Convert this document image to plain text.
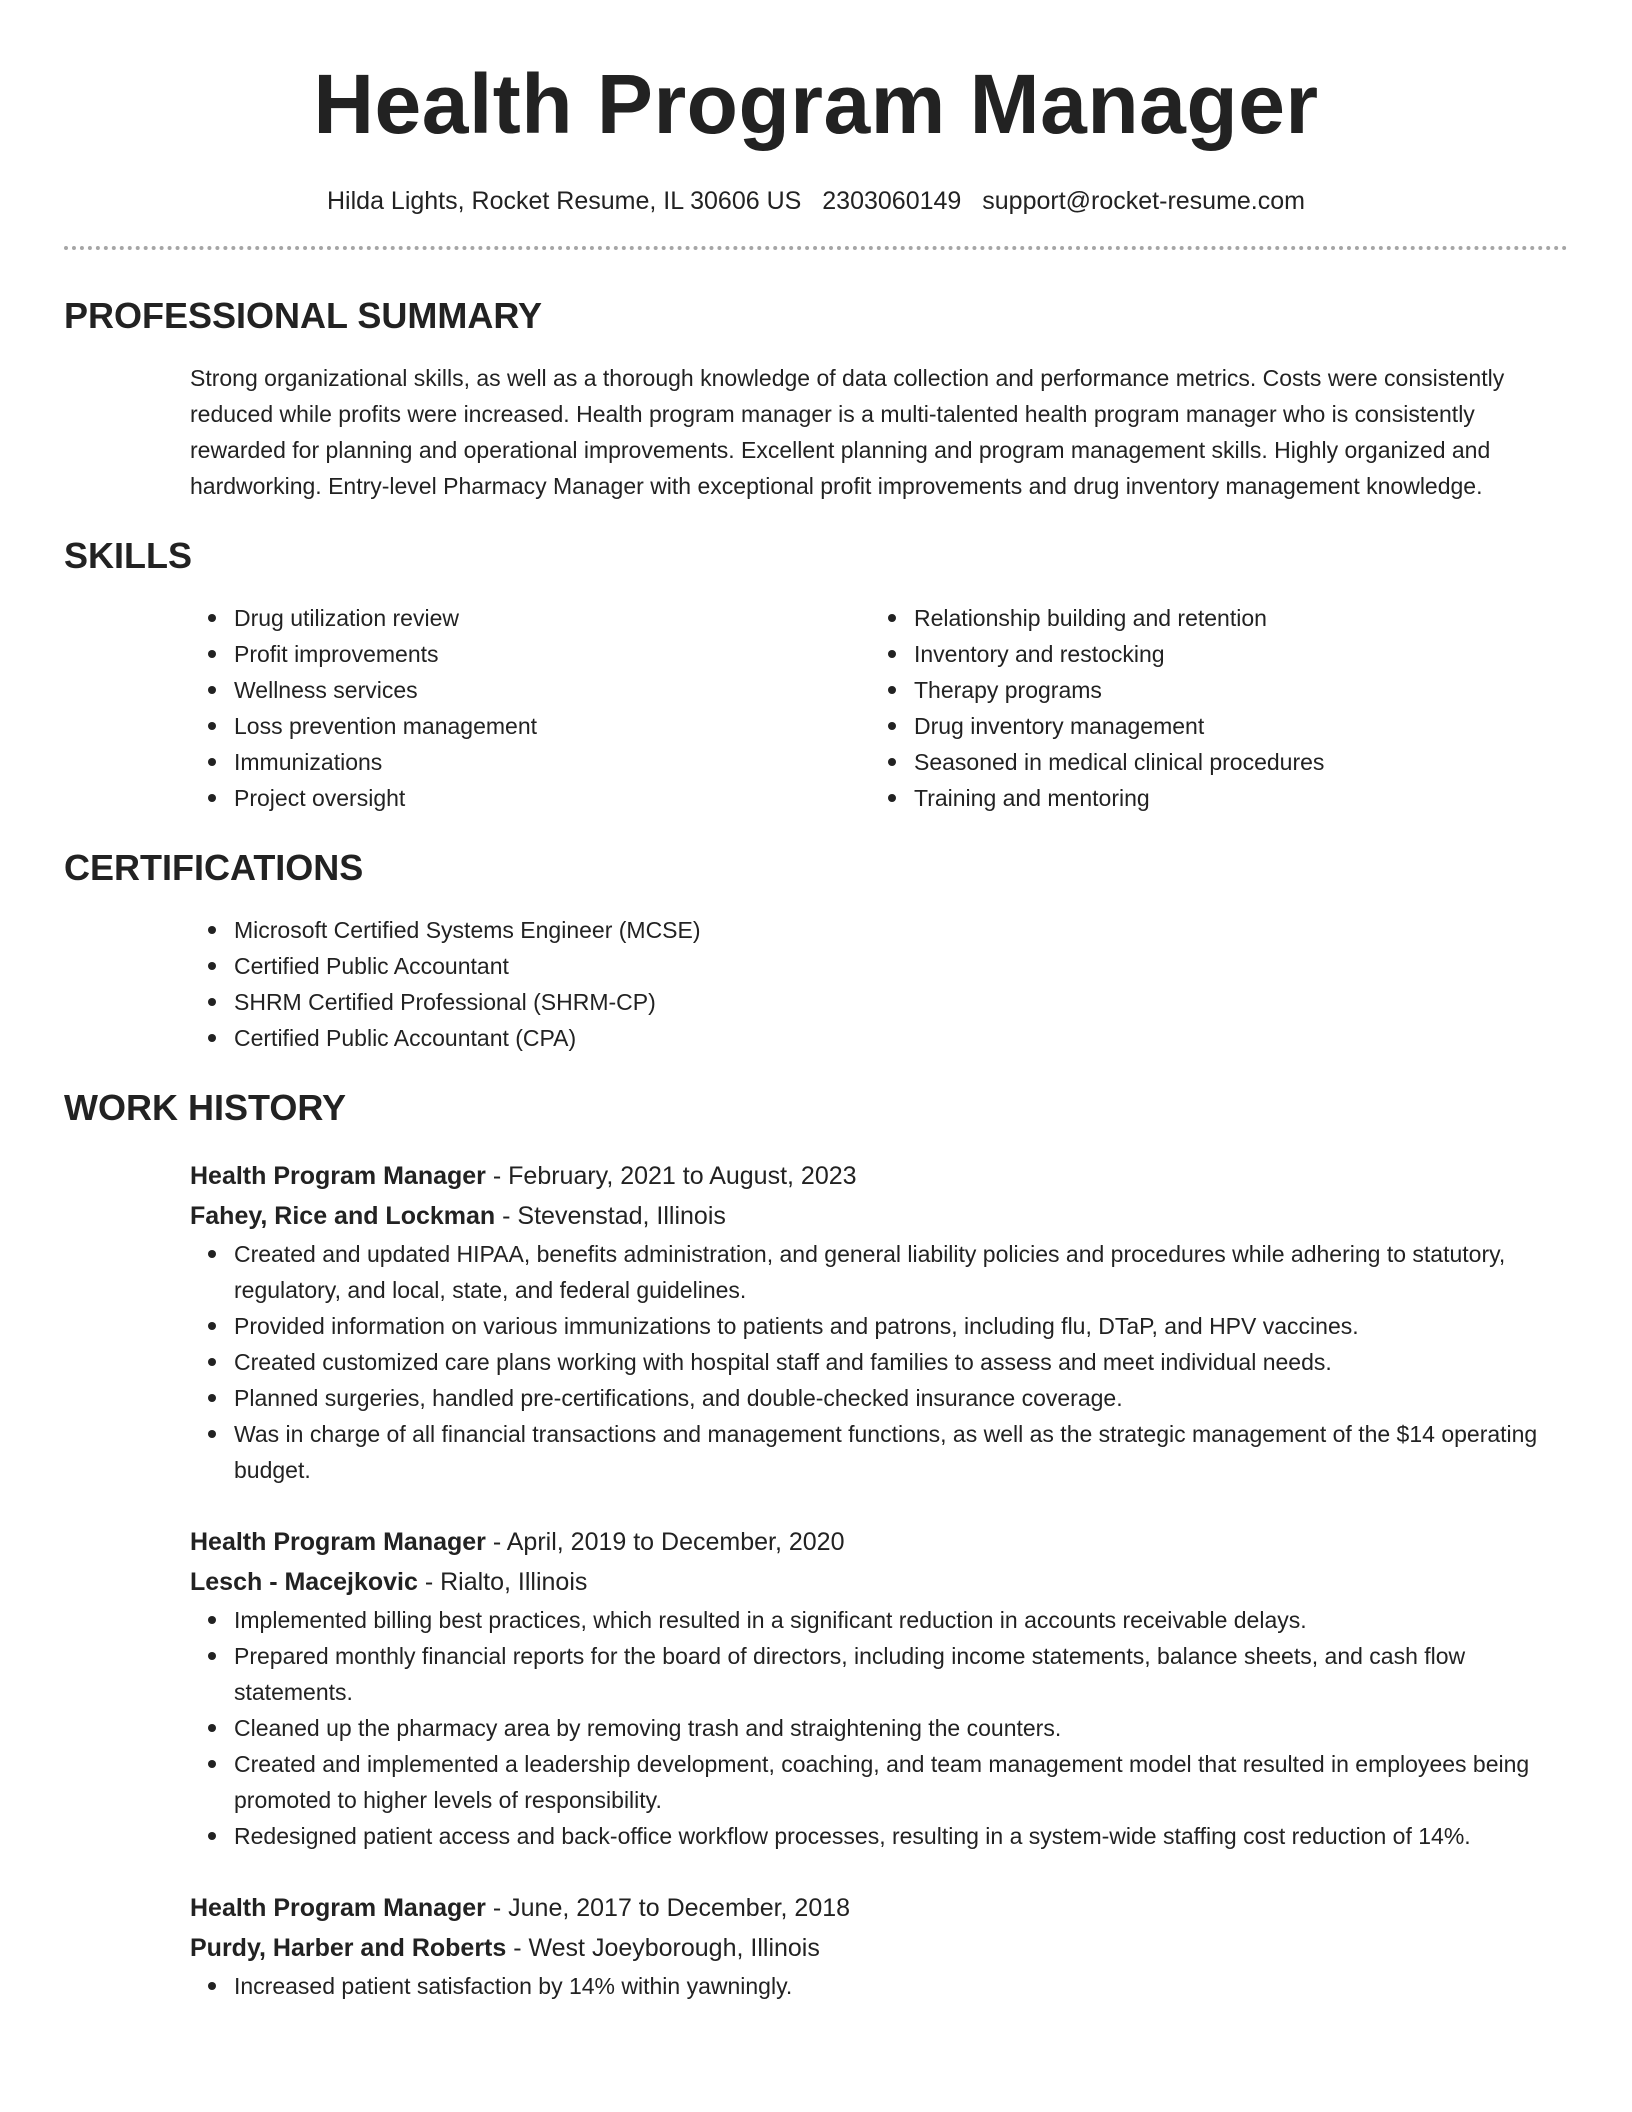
Health Program Manager
Hilda Lights, Rocket Resume, IL 30606 US 2303060149 support@rocket-resume.com
PROFESSIONAL SUMMARY
Strong organizational skills, as well as a thorough knowledge of data collection and performance metrics. Costs were consistently reduced while profits were increased. Health program manager is a multi-talented health program manager who is consistently rewarded for planning and operational improvements. Excellent planning and program management skills. Highly organized and hardworking. Entry-level Pharmacy Manager with exceptional profit improvements and drug inventory management knowledge.
SKILLS
Drug utilization review
Profit improvements
Wellness services
Loss prevention management
Immunizations
Project oversight
Relationship building and retention
Inventory and restocking
Therapy programs
Drug inventory management
Seasoned in medical clinical procedures
Training and mentoring
CERTIFICATIONS
Microsoft Certified Systems Engineer (MCSE)
Certified Public Accountant
SHRM Certified Professional (SHRM-CP)
Certified Public Accountant (CPA)
WORK HISTORY
Health Program Manager - February, 2021 to August, 2023
Fahey, Rice and Lockman - Stevenstad, Illinois
Created and updated HIPAA, benefits administration, and general liability policies and procedures while adhering to statutory, regulatory, and local, state, and federal guidelines.
Provided information on various immunizations to patients and patrons, including flu, DTaP, and HPV vaccines.
Created customized care plans working with hospital staff and families to assess and meet individual needs.
Planned surgeries, handled pre-certifications, and double-checked insurance coverage.
Was in charge of all financial transactions and management functions, as well as the strategic management of the $14 operating budget.
Health Program Manager - April, 2019 to December, 2020
Lesch - Macejkovic - Rialto, Illinois
Implemented billing best practices, which resulted in a significant reduction in accounts receivable delays.
Prepared monthly financial reports for the board of directors, including income statements, balance sheets, and cash flow statements.
Cleaned up the pharmacy area by removing trash and straightening the counters.
Created and implemented a leadership development, coaching, and team management model that resulted in employees being promoted to higher levels of responsibility.
Redesigned patient access and back-office workflow processes, resulting in a system-wide staffing cost reduction of 14%.
Health Program Manager - June, 2017 to December, 2018
Purdy, Harber and Roberts - West Joeyborough, Illinois
Increased patient satisfaction by 14% within yawningly.
